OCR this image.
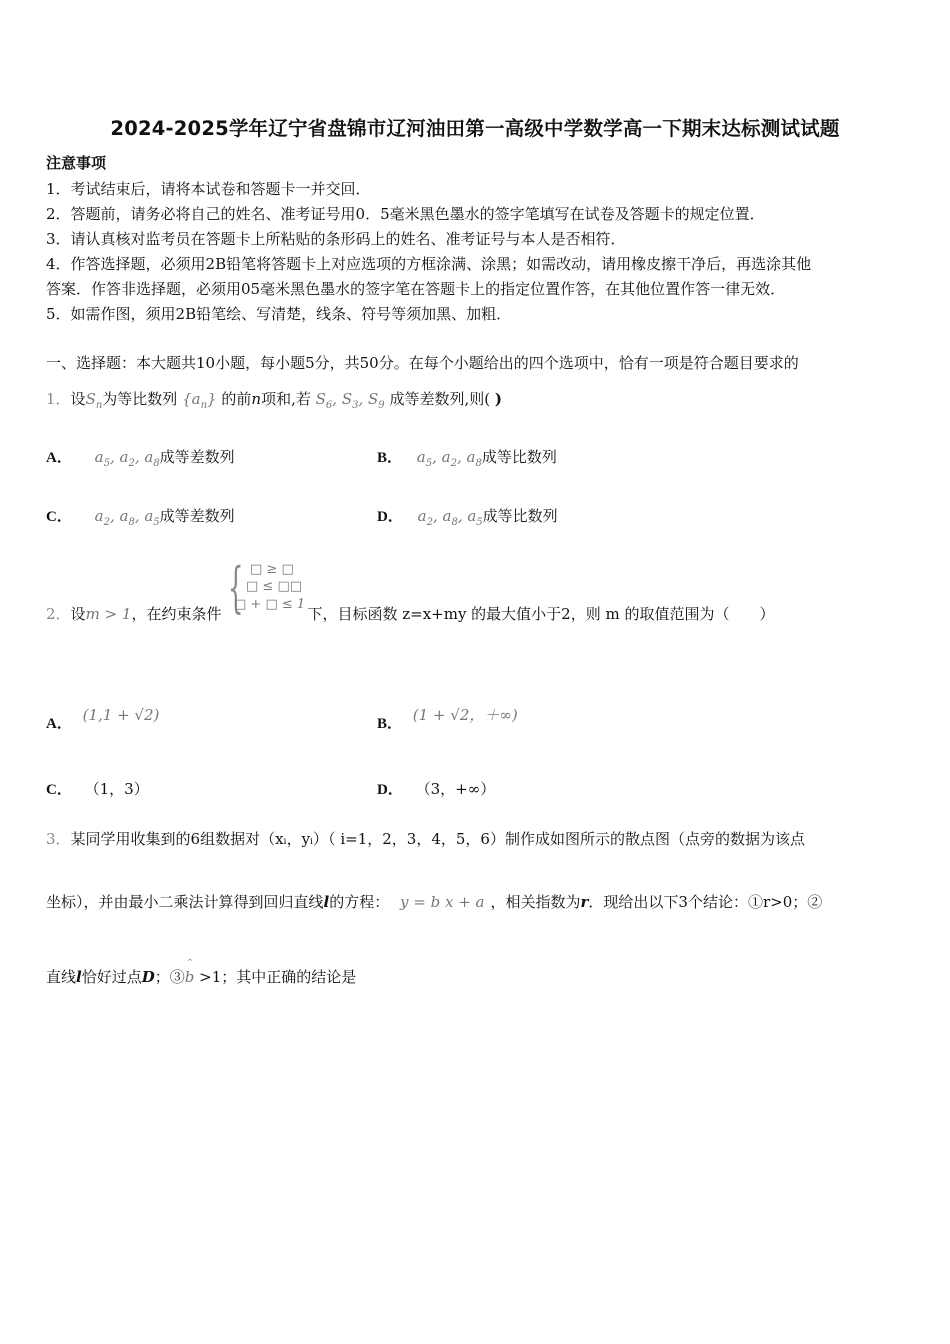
2024-2025学年辽宁省盘锦市辽河油田第一高级中学数学高一下期末达标测试试题
注意事项
1．考试结束后，请将本试卷和答题卡一并交回．
2．答题前，请务必将自己的姓名、准考证号用0．5毫米黑色墨水的签字笔填写在试卷及答题卡的规定位置．
3．请认真核对监考员在答题卡上所粘贴的条形码上的姓名、准考证号与本人是否相符．
4．作答选择题，必须用2B铅笔将答题卡上对应选项的方框涂满、涂黑；如需改动，请用橡皮擦干净后，再选涂其他
答案．作答非选择题，必须用05毫米黑色墨水的签字笔在答题卡上的指定位置作答，在其他位置作答一律无效．
5．如需作图，须用2B铅笔绘、写清楚，线条、符号等须加黑、加粗．
一、选择题：本大题共10小题，每小题5分，共50分。在每个小题给出的四个选项中，恰有一项是符合题目要求的
1．设$S_n$为等比数列 $\{a_n\}$ 的前n项和,若 $S_6$, $S_3$, $S_9$ 成等差数列,则( )
A． $a_5$, $a_2$, $a_8$成等差数列	B． $a_5$, $a_2$, $a_8$成等比数列
C． $a_2$, $a_8$, $a_5$成等差数列	D． $a_2$, $a_8$, $a_5$成等比数列
{ □ ≥ □
□ ≤ □□
□ + □ ≤ 1
2．设m > 1，在约束条件	下，目标函数 z=x+my 的最大值小于2，则 m 的取值范围为（　　）
A． (1,1 + √2)	B． (1 + √2，＋∞)
C． （1，3）	D． （3，+∞）
3．某同学用收集到的6组数据对（xᵢ，yᵢ）（ i=1，2，3，4，5，6）制作成如图所示的散点图（点旁的数据为该点
坐标），并由最小二乘法计算得到回归直线l的方程： y = b x + a ，相关指数为r．现给出以下3个结论：①r>0；②
直线l恰好过点D；③^ b >1；其中正确的结论是
